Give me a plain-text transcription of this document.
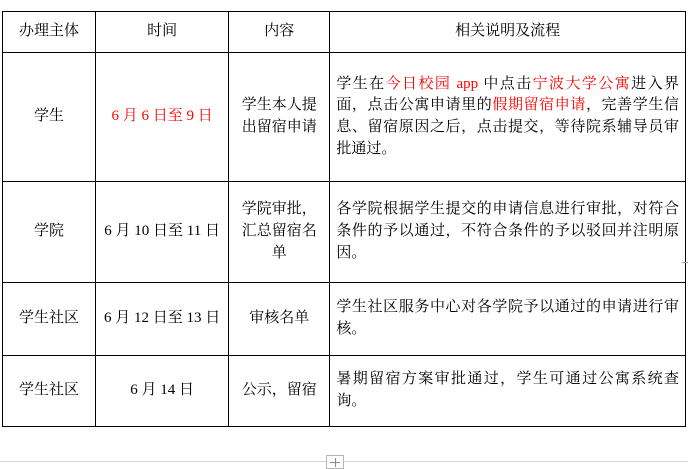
办理主体	时间	内容	相关说明及流程
学生	6 月 6 日至 9 日	学生本人提出留宿申请	学生在今日校园 app 中点击宁波大学公寓进入界面，点击公寓申请里的假期留宿申请，完善学生信息、留宿原因之后，点击提交，等待院系辅导员审批通过。

学院	6 月 10 日至 11 日	学院审批，汇总留宿名单	各学院根据学生提交的申请信息进行审批，对符合条件的予以通过，不符合条件的予以驳回并注明原因。

学生社区	6 月 12 日至 13 日	审核名单	学生社区服务中心对各学院予以通过的申请进行审核。

学生社区	6 月 14 日	公示，留宿	暑期留宿方案审批通过，学生可通过公寓系统查询。
